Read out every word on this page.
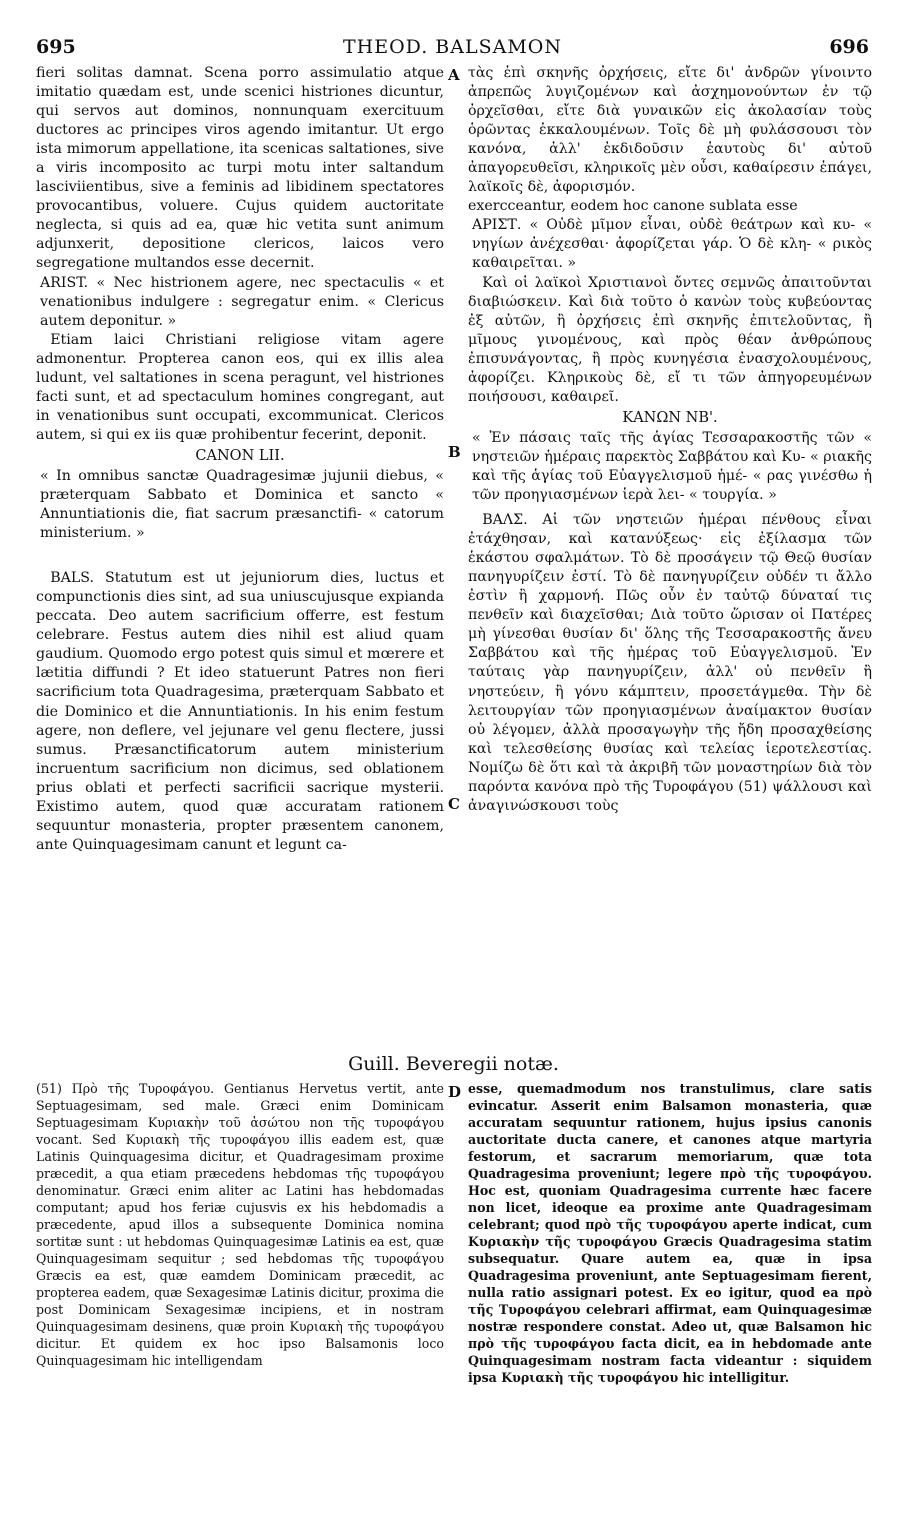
695	THEOD. BALSAMON	696
A
B
C
D

fieri solitas damnat. Scena porro assimulatio atque imitatio quædam est, unde scenici histriones dicuntur, qui servos aut dominos, nonnunquam exercituum ductores ac principes viros agendo imitantur. Ut ergo ista mimorum appellatione, ita scenicas saltationes, sive a viris incomposito ac turpi motu inter saltandum lasciviientibus, sive a feminis ad libidinem spectatores provocantibus, voluere. Cujus quidem auctoritate neglecta, si quis ad ea, quæ hic vetita sunt animum adjunxerit, depositione clericos, laicos vero segregatione multandos esse decernit.

ARIST. « Nec histrionem agere, nec spectaculis « et venationibus indulgere : segregatur enim. « Clericus autem deponitur. »

Etiam laici Christiani religiose vitam agere admonentur. Propterea canon eos, qui ex illis alea ludunt, vel saltationes in scena peragunt, vel histriones facti sunt, et ad spectaculum homines congregant, aut in venationibus sunt occupati, excommunicat. Clericos autem, si qui ex iis quæ prohibentur fecerint, deponit.

CANON LII.

« In omnibus sanctæ Quadragesimæ jujunii diebus, « præterquam Sabbato et Dominica et sancto « Annuntiationis die, fiat sacrum præsanctifi- « catorum ministerium. »

BALS. Statutum est ut jejuniorum dies, luctus et compunctionis dies sint, ad sua uniuscujusque expianda peccata. Deo autem sacrificium offerre, est festum celebrare. Festus autem dies nihil est aliud quam gaudium. Quomodo ergo potest quis simul et mœrere et lætitia diffundi ? Et ideo statuerunt Patres non fieri sacrificium tota Quadragesima, præterquam Sabbato et die Dominico et die Annuntiationis. In his enim festum agere, non deflere, vel jejunare vel genu flectere, jussi sumus. Præsanctificatorum autem ministerium incruentum sacrificium non dicimus, sed oblationem prius oblati et perfecti sacrificii sacrique mysterii. Existimo autem, quod quæ accuratam rationem sequuntur monasteria, propter præsentem canonem, ante Quinquagesimam canunt et legunt ca-

τὰς ἐπὶ σκηνῆς ὀρχήσεις, εἴτε δι' ἀνδρῶν γίνοιντο ἀπρεπῶς λυγιζομένων καὶ ἀσχημονούντων ἐν τῷ ὀρχεῖσθαι, εἴτε διὰ γυναικῶν εἰς ἀκολασίαν τοὺς ὁρῶντας ἐκκαλουμένων. Τοῖς δὲ μὴ φυλάσσουσι τὸν κανόνα, ἀλλ' ἐκδιδοῦσιν ἑαυτοὺς δι' αὐτοῦ ἀπαγορευθεῖσι, κληρικοῖς μὲν οὖσι, καθαίρεσιν ἐπάγει, λαϊκοῖς δὲ, ἀφορισμόν.

exercceantur, eodem hoc canone sublata esse

ΑΡΙΣΤ. « Οὐδὲ μῖμον εἶναι, οὐδὲ θεάτρων καὶ κυ- « νηγίων ἀνέχεσθαι· ἀφορίζεται γάρ. Ὁ δὲ κλη- « ρικὸς καθαιρεῖται. »

Καὶ οἱ λαϊκοὶ Χριστιανοὶ ὄντες σεμνῶς ἀπαιτοῦνται διαβιώσκειν. Καὶ διὰ τοῦτο ὁ κανὼν τοὺς κυβεύοντας ἐξ αὐτῶν, ἢ ὀρχήσεις ἐπὶ σκηνῆς ἐπιτελοῦντας, ἢ μῖμους γινομένους, καὶ πρὸς θέαν ἀνθρώπους ἐπισυνάγοντας, ἢ πρὸς κυνηγέσια ἐνασχολουμένους, ἀφορίζει. Κληρικοὺς δὲ, εἴ τι τῶν ἀπηγορευμένων ποιήσουσι, καθαιρεῖ.

ΚΑΝΩΝ ΝΒ'.

« Ἐν πάσαις ταῖς τῆς ἁγίας Τεσσαρακοστῆς τῶν « νηστειῶν ἡμέραις παρεκτὸς Σαββάτου καὶ Κυ- « ριακῆς καὶ τῆς ἁγίας τοῦ Εὐαγγελισμοῦ ἡμέ- « ρας γινέσθω ἡ τῶν προηγιασμένων ἱερὰ λει- « τουργία. »

ΒΑΛΣ. Αἱ τῶν νηστειῶν ἡμέραι πένθους εἶναι ἐτάχθησαν, καὶ κατανύξεως· εἰς ἐξίλασμα τῶν ἑκάστου σφαλμάτων. Τὸ δὲ προσάγειν τῷ Θεῷ θυσίαν πανηγυρίζειν ἐστί. Τὸ δὲ πανηγυρίζειν οὐδέν τι ἄλλο ἐστὶν ἢ χαρμονή. Πῶς οὖν ἐν ταὐτῷ δύναταί τις πενθεῖν καὶ διαχεῖσθαι; Διὰ τοῦτο ὥρισαν οἱ Πατέρες μὴ γίνεσθαι θυσίαν δι' ὅλης τῆς Τεσσαρακοστῆς ἄνευ Σαββάτου καὶ τῆς ἡμέρας τοῦ Εὐαγγελισμοῦ. Ἐν ταύταις γὰρ πανηγυρίζειν, ἀλλ' οὐ πενθεῖν ἢ νηστεύειν, ἢ γόνυ κάμπτειν, προσετάγμεθα. Τὴν δὲ λειτουργίαν τῶν προηγιασμένων ἀναίμακτον θυσίαν οὐ λέγομεν, ἀλλὰ προσαγωγὴν τῆς ἤδη προσαχθείσης καὶ τελεσθείσης θυσίας καὶ τελείας ἱεροτελεστίας. Νομίζω δὲ ὅτι καὶ τὰ ἀκριβῆ τῶν μοναστηρίων διὰ τὸν παρόντα κανόνα πρὸ τῆς Τυροφάγου (51) ψάλλουσι καὶ ἀναγινώσκουσι τοὺς

Guill. Beveregii notæ.

(51) Πρὸ τῆς Τυροφάγου. Gentianus Hervetus vertit, ante Septuagesimam, sed male. Græci enim Dominicam Septuagesimam Κυριακὴν τοῦ ἀσώτου non τῆς τυροφάγου vocant. Sed Κυριακὴ τῆς τυροφάγου illis eadem est, quæ Latinis Quinquagesima dicitur, et Quadragesimam proxime præcedit, a qua etiam præcedens hebdomas τῆς τυροφάγου denominatur. Græci enim aliter ac Latini has hebdomadas computant; apud hos feriæ cujusvis ex his hebdomadis a præcedente, apud illos a subsequente Dominica nomina sortitæ sunt : ut hebdomas Quinquagesimæ Latinis ea est, quæ Quinquagesimam sequitur ; sed hebdomas τῆς τυροφάγου Græcis ea est, quæ eamdem Dominicam præcedit, ac propterea eadem, quæ Sexagesimæ Latinis dicitur, proxima die post Dominicam Sexagesimæ incipiens, et in nostram Quinquagesimam desinens, quæ proin Κυριακὴ τῆς τυροφάγου dicitur. Et quidem ex hoc ipso Balsamonis loco Quinquagesimam hic intelligendam

esse, quemadmodum nos transtulimus, clare satis evincatur. Asserit enim Balsamon monasteria, quæ accuratam sequuntur rationem, hujus ipsius canonis auctoritate ducta canere, et canones atque martyria festorum, et sacrarum memoriarum, quæ tota Quadragesima proveniunt; legere πρὸ τῆς τυροφάγου. Hoc est, quoniam Quadragesima currente hæc facere non licet, ideoque ea proxime ante Quadragesimam celebrant; quod πρὸ τῆς τυροφάγου aperte indicat, cum Κυριακὴν τῆς τυροφάγου Græcis Quadragesima statim subsequatur. Quare autem ea, quæ in ipsa Quadragesima proveniunt, ante Septuagesimam fierent, nulla ratio assignari potest. Ex eo igitur, quod ea πρὸ τῆς Τυροφάγου celebrari affirmat, eam Quinquagesimæ nostræ respondere constat. Adeo ut, quæ Balsamon hic πρὸ τῆς τυροφάγου facta dicit, ea in hebdomade ante Quinquagesimam nostram facta videantur : siquidem ipsa Κυριακὴ τῆς τυροφάγου hic intelligitur.
